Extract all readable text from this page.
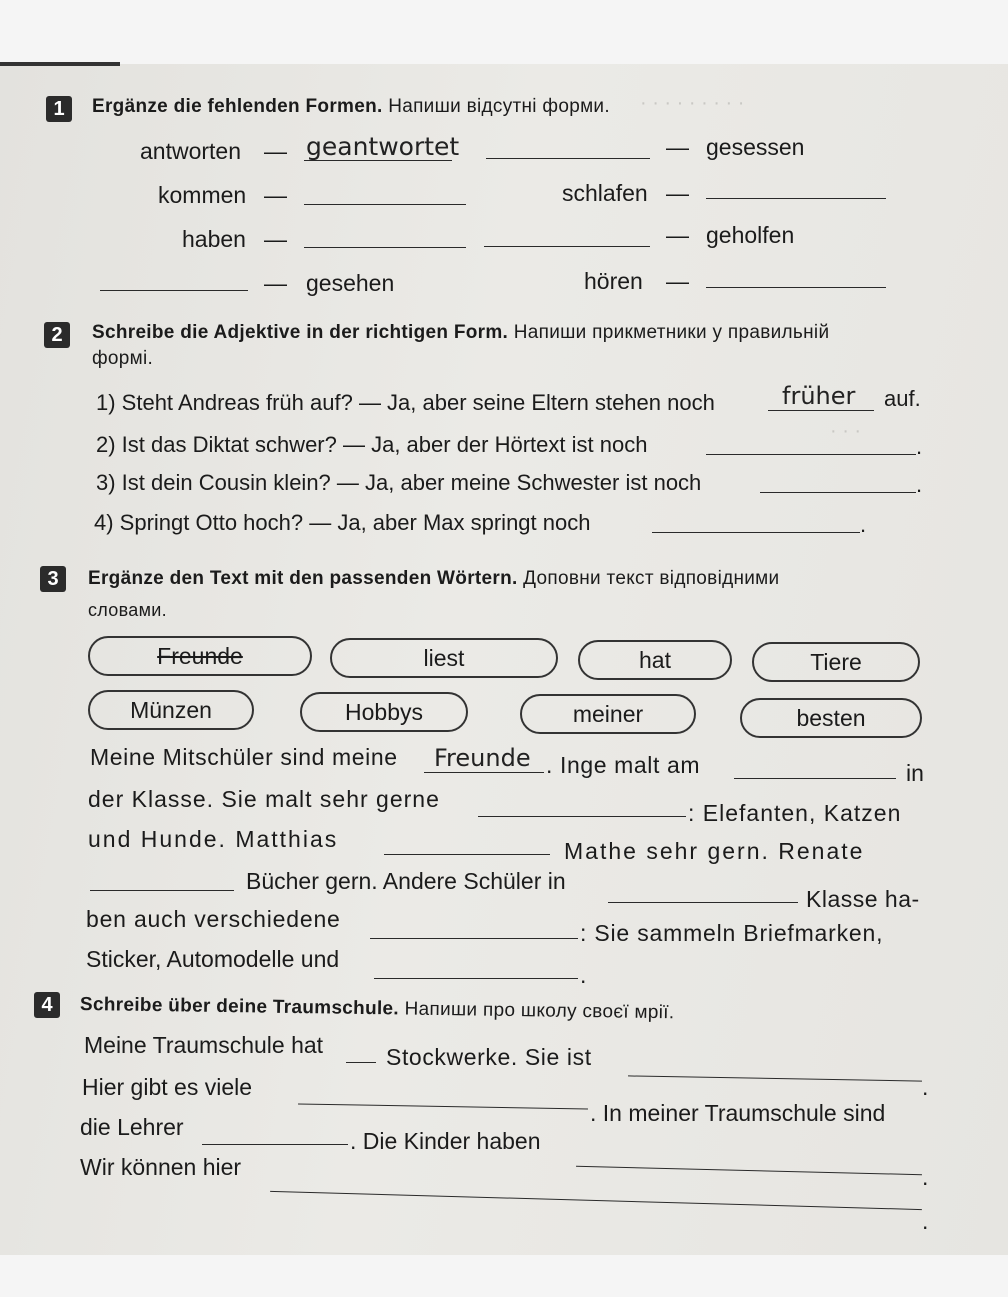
· · · · · · · · ·
· · ·
1	Ergänze die fehlenden Formen. Напиши відсутні форми.
antworten — geantwortet	— gesessen
kommen —	schlafen —
haben —	— geholfen
— gesehen	hören —
2	Schreibe die Adjektive in der richtigen Form. Напиши прикметники у правильній
формі.
1) Steht Andreas früh auf? — Ja, aber seine Eltern stehen noch	früher auf.
2) Ist das Diktat schwer? — Ja, aber der Hörtext ist noch	.
3) Ist dein Cousin klein? — Ja, aber meine Schwester ist noch	.
4) Springt Otto hoch? — Ja, aber Max springt noch	.
3	Ergänze den Text mit den passenden Wörtern. Доповни текст відповідними
словами.
Freunde	liest	hat	Tiere
Münzen	Hobbys	meiner	besten
Meine Mitschüler sind meine Freunde . Inge malt am	in
der Klasse. Sie malt sehr gerne
: Elefanten, Katzen
und Hunde. Matthias	Mathe sehr gern. Renate
Bücher gern. Andere Schüler in
Klasse ha-
ben auch verschiedene
: Sie sammeln Briefmarken,
Sticker, Automodelle und
.
4	Schreibe über deine Traumschule. Напиши про школу своєї мрії.
Meine Traumschule hat	Stockwerke. Sie ist
Hier gibt es viele
. In meiner Traumschule sind
.
die Lehrer
. Die Kinder haben
.
Wir können hier
.
